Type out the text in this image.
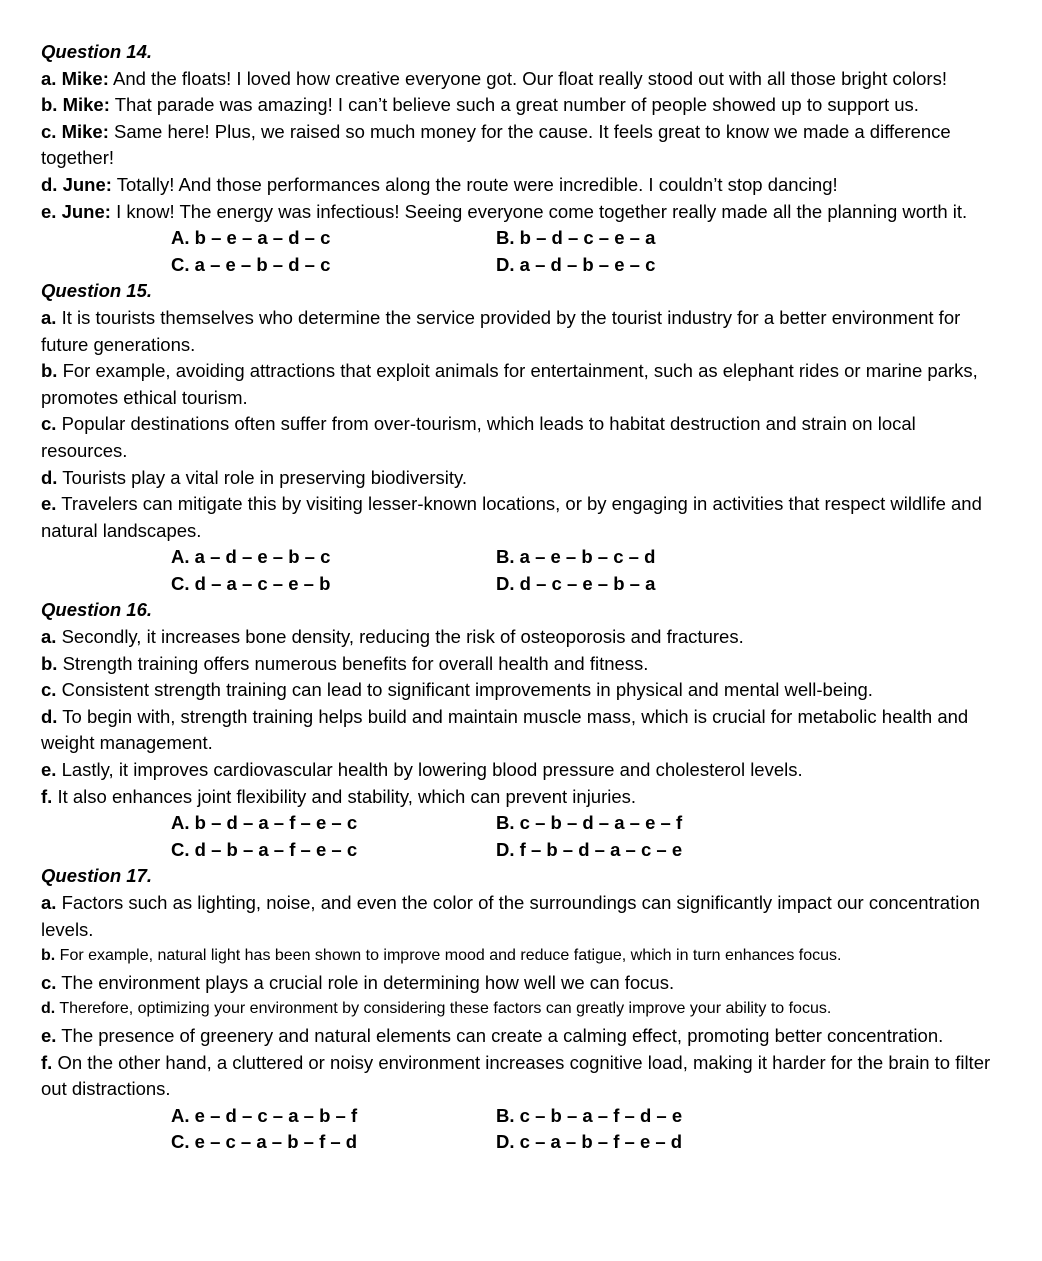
Question 14.
a. Mike: And the floats! I loved how creative everyone got. Our float really stood out with all those bright colors!
b. Mike: That parade was amazing! I can’t believe such a great number of people showed up to support us.
c. Mike: Same here! Plus, we raised so much money for the cause. It feels great to know we made a difference together!
d. June: Totally! And those performances along the route were incredible. I couldn’t stop dancing!
e. June: I know! The energy was infectious! Seeing everyone come together really made all the planning worth it.
A. b – e – a – d – c	B. b – d – c – e – a
C. a – e – b – d – c	D. a – d – b – e – c
Question 15.
a. It is tourists themselves who determine the service provided by the tourist industry for a better environment for future generations.
b. For example, avoiding attractions that exploit animals for entertainment, such as elephant rides or marine parks, promotes ethical tourism.
c. Popular destinations often suffer from over-tourism, which leads to habitat destruction and strain on local resources.
d. Tourists play a vital role in preserving biodiversity.
e. Travelers can mitigate this by visiting lesser-known locations, or by engaging in activities that respect wildlife and natural landscapes.
A. a – d – e – b – c	B. a – e – b – c – d
C. d – a – c – e – b	D. d – c – e – b – a
Question 16.
a. Secondly, it increases bone density, reducing the risk of osteoporosis and fractures.
b. Strength training offers numerous benefits for overall health and fitness.
c. Consistent strength training can lead to significant improvements in physical and mental well-being.
d. To begin with, strength training helps build and maintain muscle mass, which is crucial for metabolic health and weight management.
e. Lastly, it improves cardiovascular health by lowering blood pressure and cholesterol levels.
f. It also enhances joint flexibility and stability, which can prevent injuries.
A. b – d – a – f – e – c	B. c – b – d – a – e – f
C. d – b – a – f – e – c	D. f – b – d – a – c – e
Question 17.
a. Factors such as lighting, noise, and even the color of the surroundings can significantly impact our concentration levels.
b. For example, natural light has been shown to improve mood and reduce fatigue, which in turn enhances focus.
c. The environment plays a crucial role in determining how well we can focus.
d. Therefore, optimizing your environment by considering these factors can greatly improve your ability to focus.
e. The presence of greenery and natural elements can create a calming effect, promoting better concentration.
f. On the other hand, a cluttered or noisy environment increases cognitive load, making it harder for the brain to filter out distractions.
A. e – d – c – a – b – f	B. c – b – a – f – d – e
C. e – c – a – b – f – d	D. c – a – b – f – e – d
